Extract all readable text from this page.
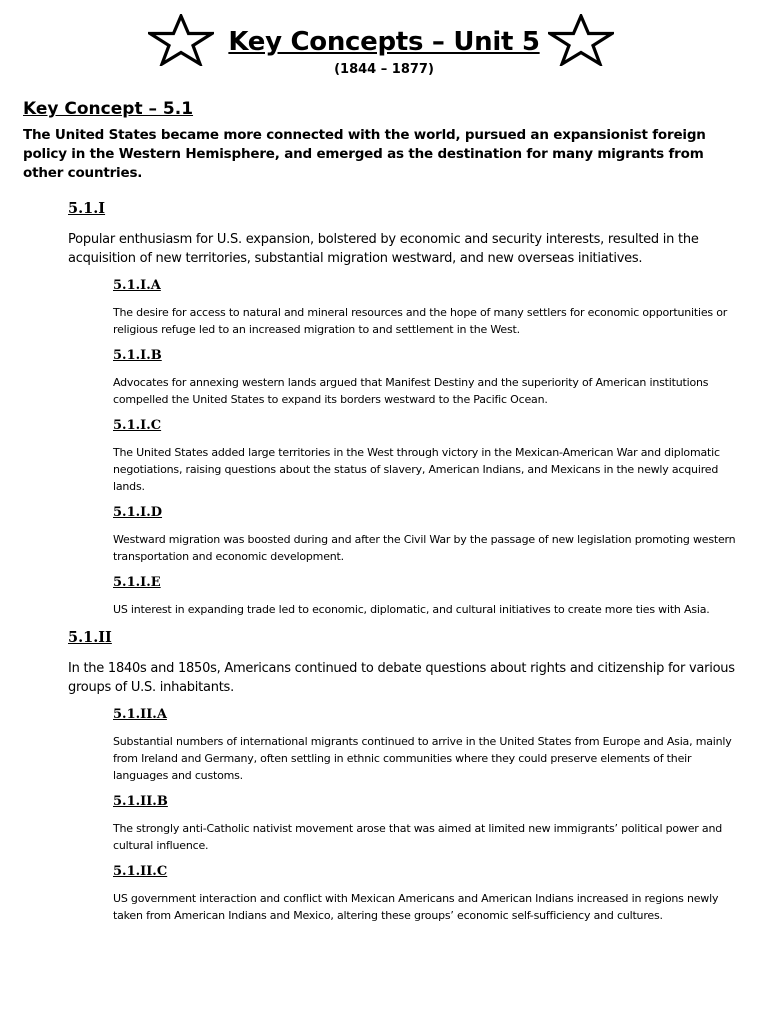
Key Concepts – Unit 5
(1844 – 1877)
Key Concept – 5.1
The United States became more connected with the world, pursued an expansionist foreign policy in the Western Hemisphere, and emerged as the destination for many migrants from other countries.
5.1.I
Popular enthusiasm for U.S. expansion, bolstered by economic and security interests, resulted in the acquisition of new territories, substantial migration westward, and new overseas initiatives.
5.1.I.A
The desire for access to natural and mineral resources and the hope of many settlers for economic opportunities or religious refuge led to an increased migration to and settlement in the West.
5.1.I.B
Advocates for annexing western lands argued that Manifest Destiny and the superiority of American institutions compelled the United States to expand its borders westward to the Pacific Ocean.
5.1.I.C
The United States added large territories in the West through victory in the Mexican-American War and diplomatic negotiations, raising questions about the status of slavery, American Indians, and Mexicans in the newly acquired lands.
5.1.I.D
Westward migration was boosted during and after the Civil War by the passage of new legislation promoting western transportation and economic development.
5.1.I.E
US interest in expanding trade led to economic, diplomatic, and cultural initiatives to create more ties with Asia.
5.1.II
In the 1840s and 1850s, Americans continued to debate questions about rights and citizenship for various groups of U.S. inhabitants.
5.1.II.A
Substantial numbers of international migrants continued to arrive in the United States from Europe and Asia, mainly from Ireland and Germany, often settling in ethnic communities where they could preserve elements of their languages and customs.
5.1.II.B
The strongly anti-Catholic nativist movement arose that was aimed at limited new immigrants’ political power and cultural influence.
5.1.II.C
US government interaction and conflict with Mexican Americans and American Indians increased in regions newly taken from American Indians and Mexico, altering these groups’ economic self-sufficiency and cultures.
